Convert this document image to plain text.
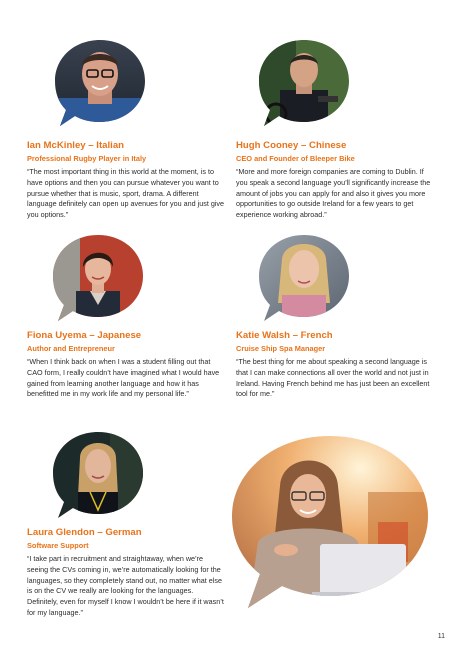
Ian McKinley – Italian

Professional Rugby Player in Italy

“The most important thing in this world at the moment, is to have options and then you can pursue whatever you want to pursue whether that is music, sport, drama. A different language definitely can open up avenues for you and just give you options.”

Hugh Cooney – Chinese

CEO and Founder of Bleeper Bike

“More and more foreign companies are coming to Dublin. If you speak a second language you’ll significantly increase the amount of jobs you can apply for and also it gives you more opportunities to go outside Ireland for a few years to get experience working abroad.”

Fiona Uyema – Japanese

Author and Entrepreneur

“When I think back on when I was a student filling out that CAO form, I really couldn’t have imagined what I would have gained from learning another language and how it has benefitted me in my work life and my personal life.”

Katie Walsh – French

Cruise Ship Spa Manager

“The best thing for me about speaking a second language is that I can make connections all over the world and not just in Ireland. Having French behind me has just been an excellent tool for me.”

Laura Glendon – German

Software Support

“I take part in recruitment and straightaway, when we’re seeing the CVs coming in, we’re automatically looking for the languages, so they completely stand out, no matter what else is on the CV we really are looking for the languages. Definitely, even for myself I know I wouldn’t be here if it wasn’t for my language.”

11
